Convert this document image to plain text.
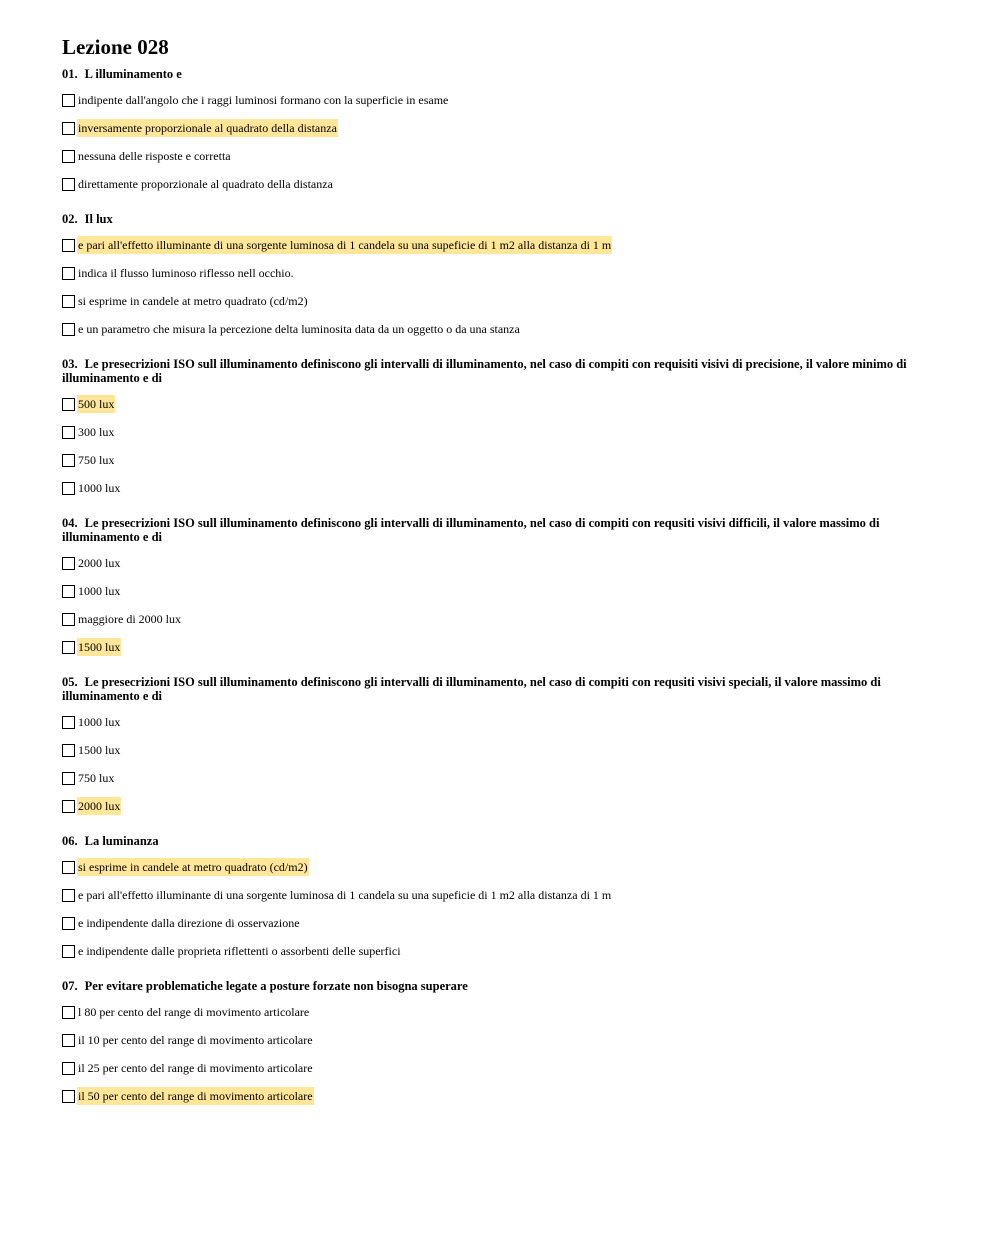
Lezione 028
01. L illuminamento e
indipente dall'angolo che i raggi luminosi formano con la superficie in esame
inversamente proporzionale al quadrato della distanza
nessuna delle risposte e corretta
direttamente proporzionale al quadrato della distanza
02. Il lux
e pari all'effetto illuminante di una sorgente luminosa di 1 candela su una supeficie di 1 m2 alla distanza di 1 m
indica il flusso luminoso riflesso nell occhio.
si esprime in candele at metro quadrato (cd/m2)
e un parametro che misura la percezione delta luminosita data da un oggetto o da una stanza
03. Le presecrizioni ISO sull illuminamento definiscono gli intervalli di illuminamento, nel caso di compiti con requisiti visivi di precisione, il valore minimo di illuminamento e di
500 lux
300 lux
750 lux
1000 lux
04. Le presecrizioni ISO sull illuminamento definiscono gli intervalli di illuminamento, nel caso di compiti con requsiti visivi difficili, il valore massimo di illuminamento e di
2000 lux
1000 lux
maggiore di 2000 lux
1500 lux
05. Le presecrizioni ISO sull illuminamento definiscono gli intervalli di illuminamento, nel caso di compiti con requsiti visivi speciali, il valore massimo di illuminamento e di
1000 lux
1500 lux
750 lux
2000 lux
06. La luminanza
si esprime in candele at metro quadrato (cd/m2)
e pari all'effetto illuminante di una sorgente luminosa di 1 candela su una supeficie di 1 m2 alla distanza di 1 m
e indipendente dalla direzione di osservazione
e indipendente dalle proprieta riflettenti o assorbenti delle superfici
07. Per evitare problematiche legate a posture forzate non bisogna superare
l 80 per cento del range di movimento articolare
il 10 per cento del range di movimento articolare
il 25 per cento del range di movimento articolare
il 50 per cento del range di movimento articolare
